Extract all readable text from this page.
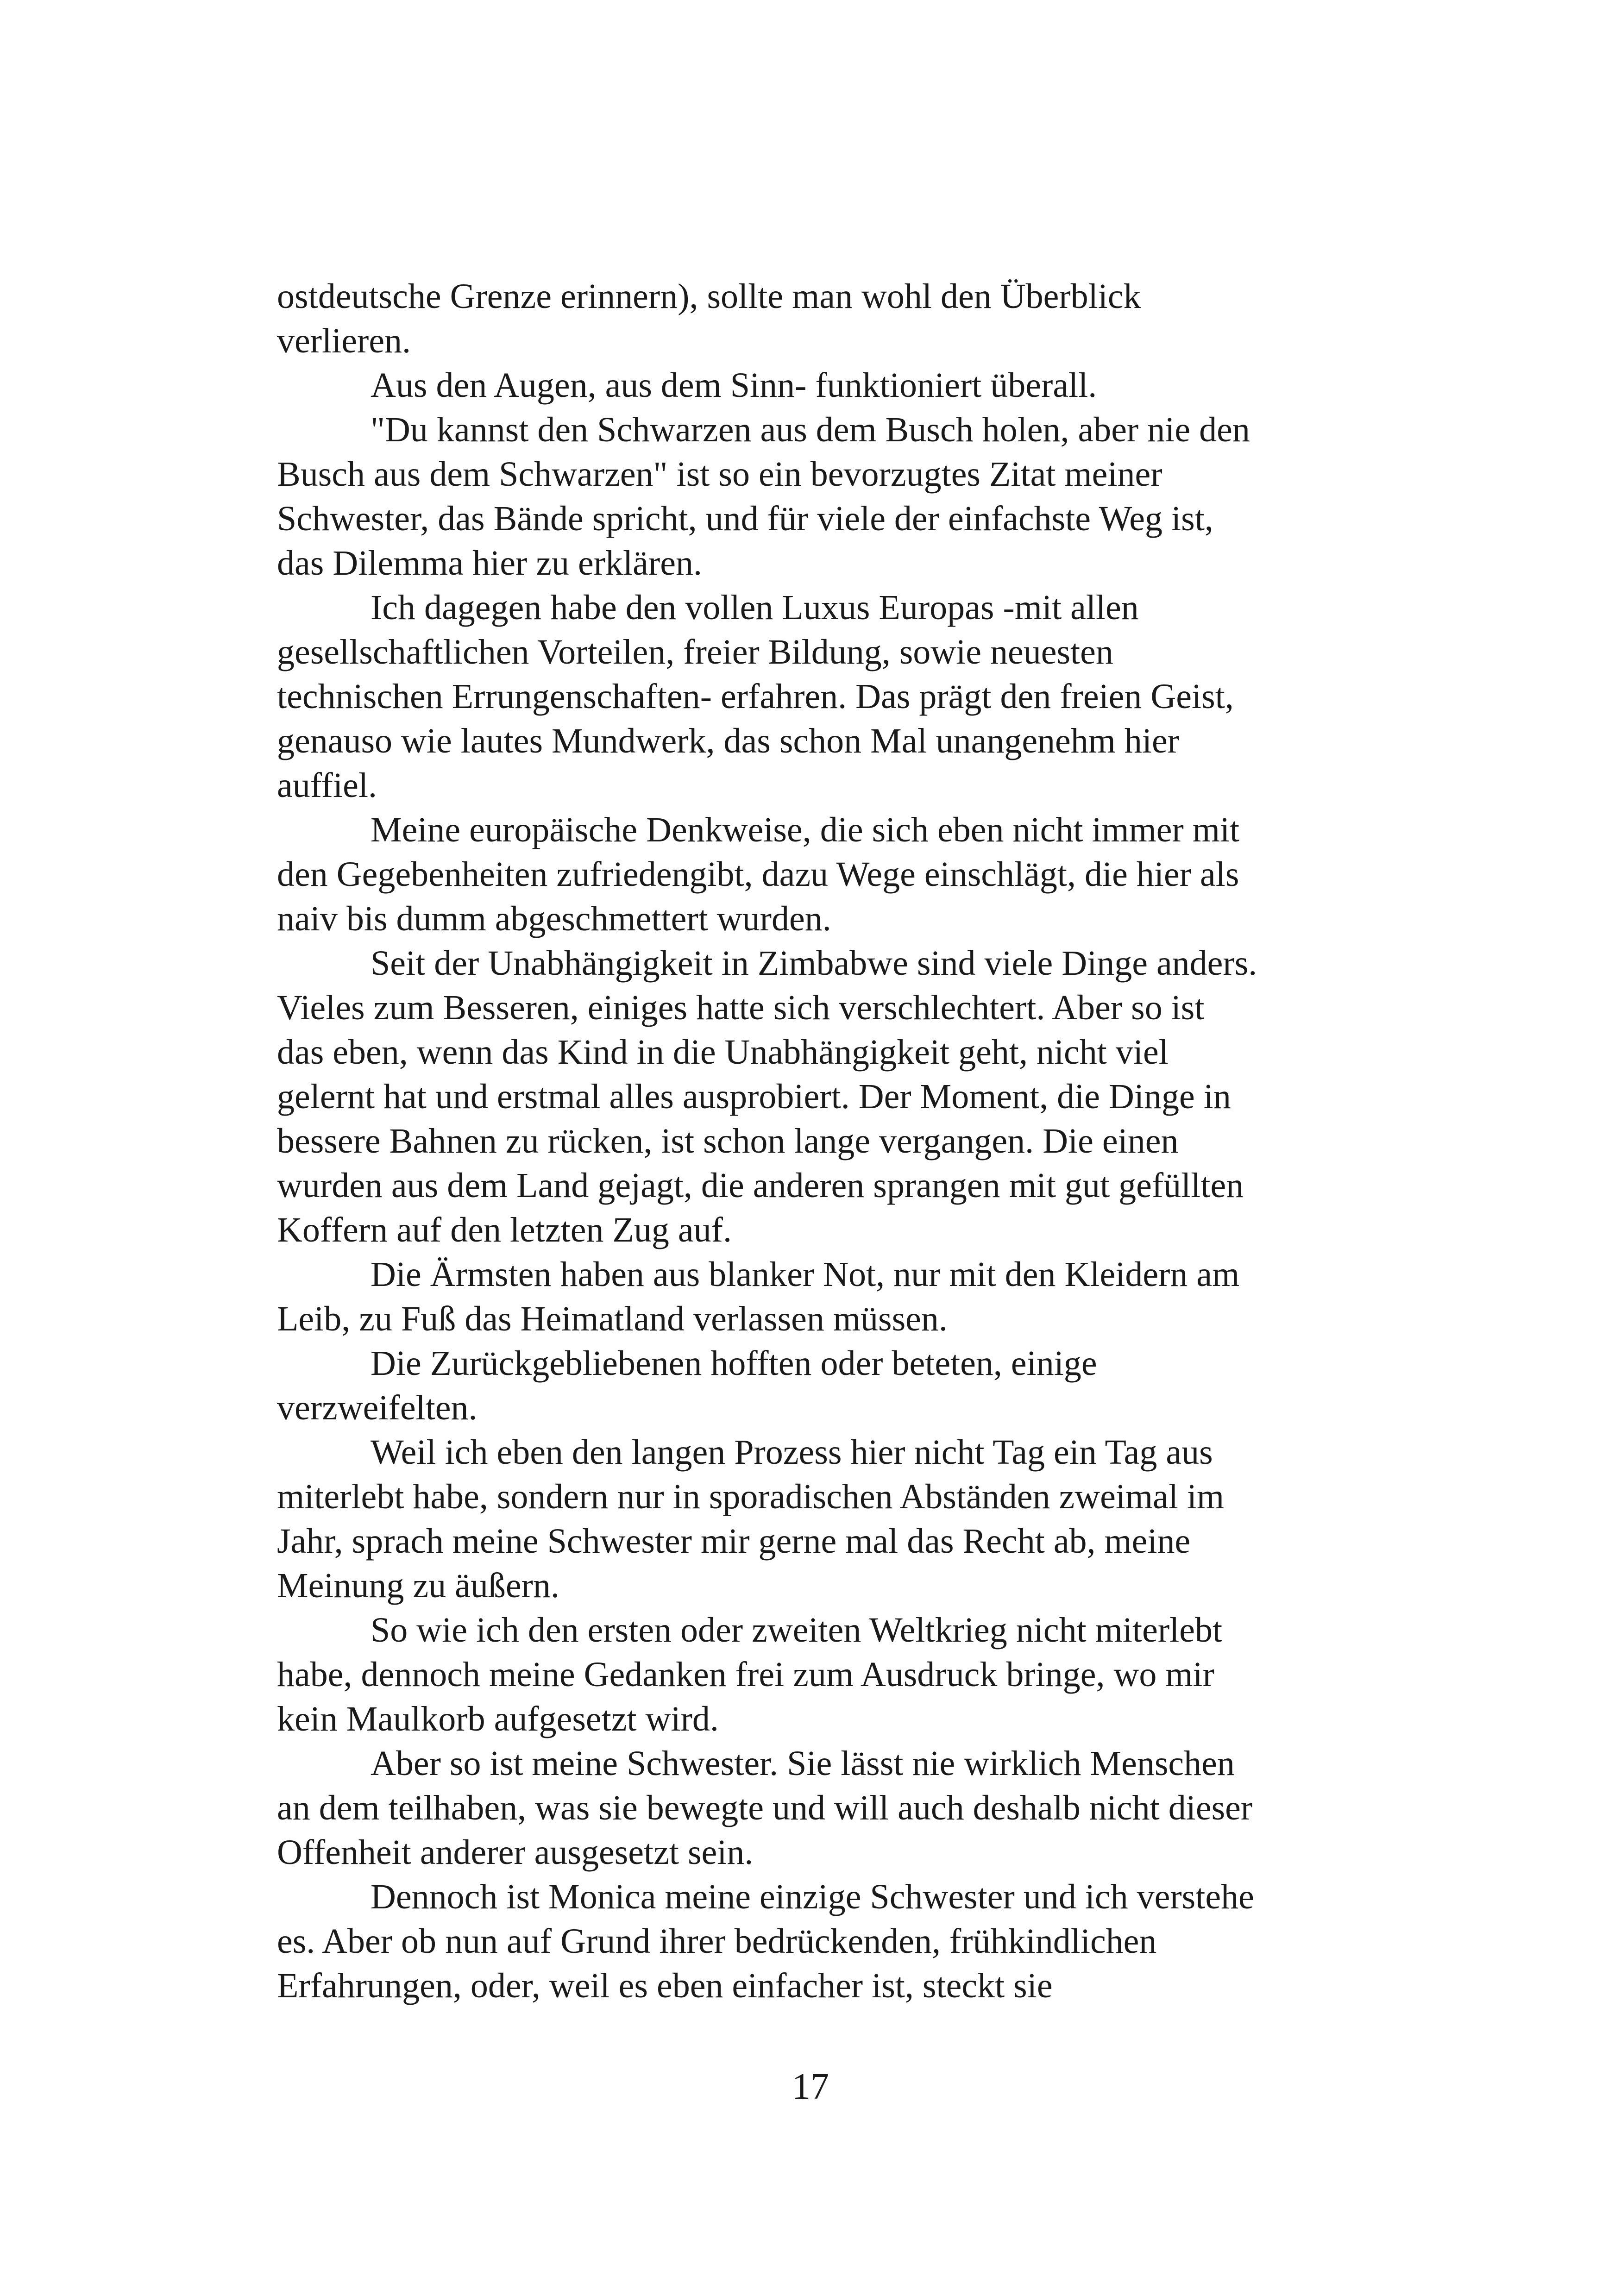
ostdeutsche Grenze erinnern), sollte man wohl den Überblick
verlieren.
Aus den Augen, aus dem Sinn- funktioniert überall.
"Du kannst den Schwarzen aus dem Busch holen, aber nie den
Busch aus dem Schwarzen" ist so ein bevorzugtes Zitat meiner
Schwester, das Bände spricht, und für viele der einfachste Weg ist,
das Dilemma hier zu erklären.
Ich dagegen habe den vollen Luxus Europas -mit allen
gesellschaftlichen Vorteilen, freier Bildung, sowie neuesten
technischen Errungenschaften- erfahren. Das prägt den freien Geist,
genauso wie lautes Mundwerk, das schon Mal unangenehm hier
auffiel.
Meine europäische Denkweise, die sich eben nicht immer mit
den Gegebenheiten zufriedengibt, dazu Wege einschlägt, die hier als
naiv bis dumm abgeschmettert wurden.
Seit der Unabhängigkeit in Zimbabwe sind viele Dinge anders.
Vieles zum Besseren, einiges hatte sich verschlechtert. Aber so ist
das eben, wenn das Kind in die Unabhängigkeit geht, nicht viel
gelernt hat und erstmal alles ausprobiert. Der Moment, die Dinge in
bessere Bahnen zu rücken, ist schon lange vergangen. Die einen
wurden aus dem Land gejagt, die anderen sprangen mit gut gefüllten
Koffern auf den letzten Zug auf.
Die Ärmsten haben aus blanker Not, nur mit den Kleidern am
Leib, zu Fuß das Heimatland verlassen müssen.
Die Zurückgebliebenen hofften oder beteten, einige
verzweifelten.
Weil ich eben den langen Prozess hier nicht Tag ein Tag aus
miterlebt habe, sondern nur in sporadischen Abständen zweimal im
Jahr, sprach meine Schwester mir gerne mal das Recht ab, meine
Meinung zu äußern.
So wie ich den ersten oder zweiten Weltkrieg nicht miterlebt
habe, dennoch meine Gedanken frei zum Ausdruck bringe, wo mir
kein Maulkorb aufgesetzt wird.
Aber so ist meine Schwester. Sie lässt nie wirklich Menschen
an dem teilhaben, was sie bewegte und will auch deshalb nicht dieser
Offenheit anderer ausgesetzt sein.
Dennoch ist Monica meine einzige Schwester und ich verstehe
es. Aber ob nun auf Grund ihrer bedrückenden, frühkindlichen
Erfahrungen, oder, weil es eben einfacher ist, steckt sie
17
